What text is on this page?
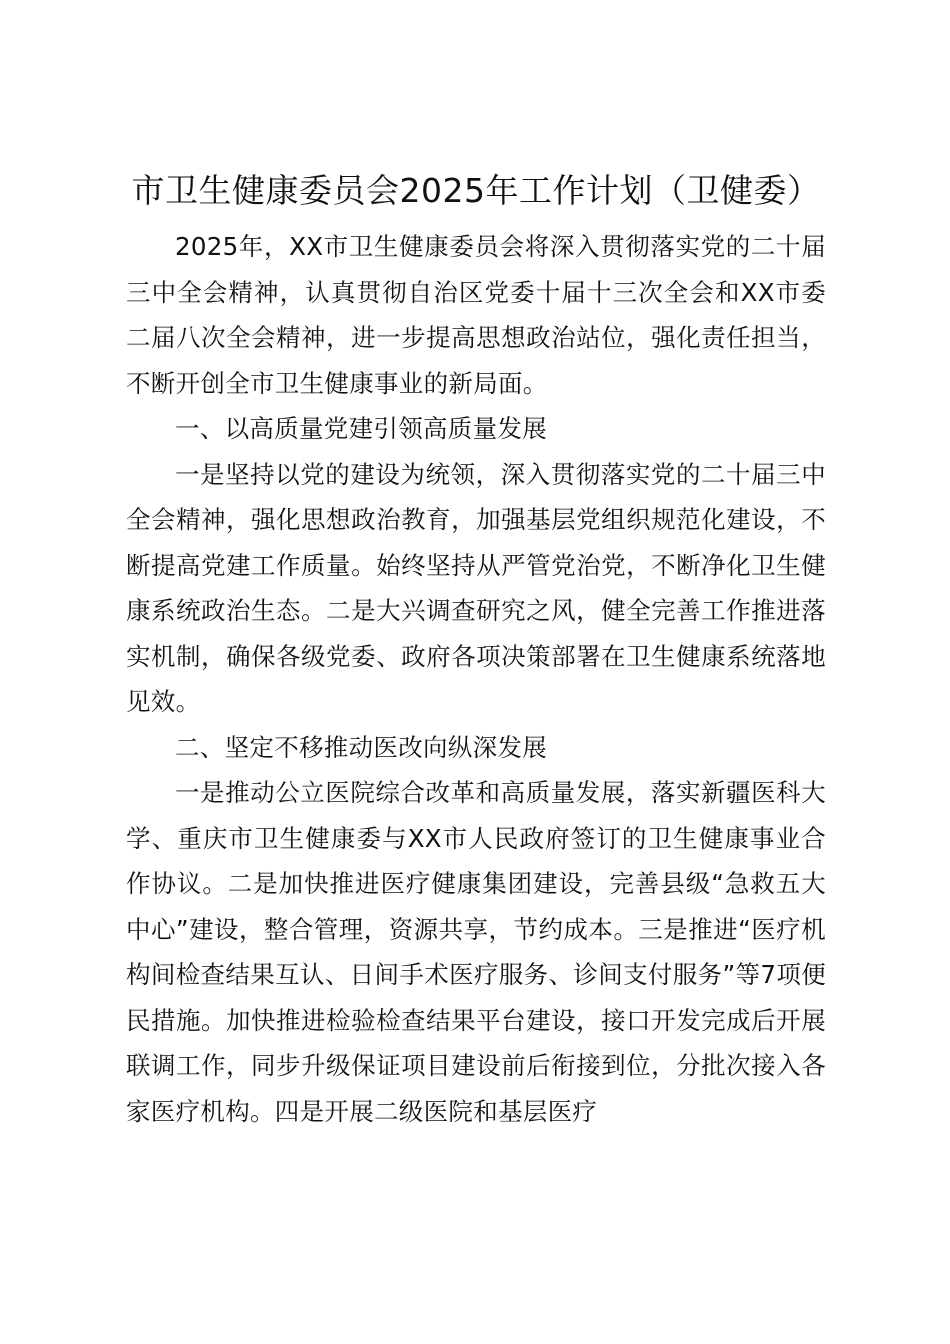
市卫生健康委员会2025年工作计划（卫健委）

2025年，XX市卫生健康委员会将深入贯彻落实党的二十届三中全会精神，认真贯彻自治区党委十届十三次全会和XX市委二届八次全会精神，进一步提高思想政治站位，强化责任担当，不断开创全市卫生健康事业的新局面。

一、以高质量党建引领高质量发展

一是坚持以党的建设为统领，深入贯彻落实党的二十届三中全会精神，强化思想政治教育，加强基层党组织规范化建设，不断提高党建工作质量。始终坚持从严管党治党，不断净化卫生健康系统政治生态。二是大兴调查研究之风，健全完善工作推进落实机制，确保各级党委、政府各项决策部署在卫生健康系统落地见效。

二、坚定不移推动医改向纵深发展

一是推动公立医院综合改革和高质量发展，落实新疆医科大学、重庆市卫生健康委与XX市人民政府签订的卫生健康事业合作协议。二是加快推进医疗健康集团建设，完善县级“急救五大中心”建设，整合管理，资源共享，节约成本。三是推进“医疗机构间检查结果互认、日间手术医疗服务、诊间支付服务”等7项便民措施。加快推进检验检查结果平台建设，接口开发完成后开展联调工作，同步升级保证项目建设前后衔接到位，分批次接入各家医疗机构。四是开展二级医院和基层医疗
